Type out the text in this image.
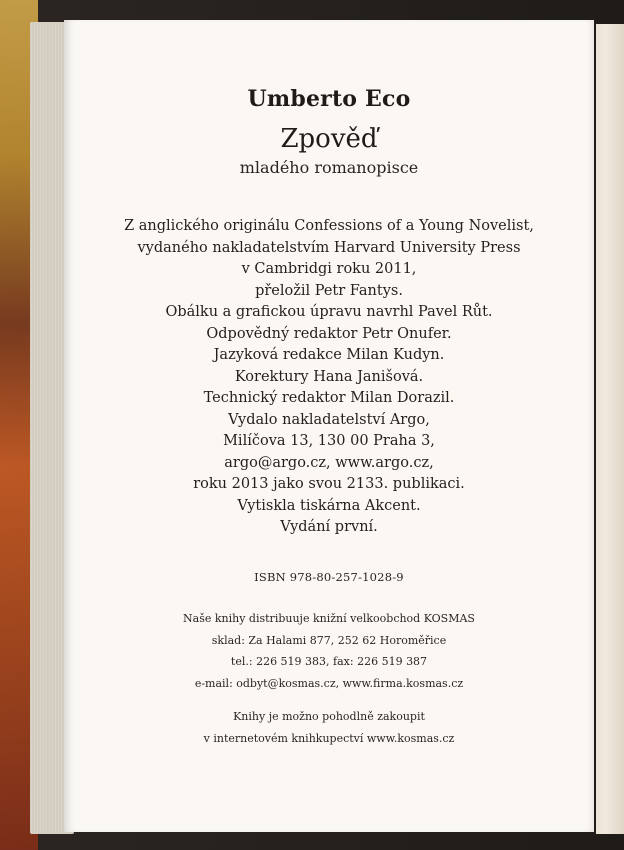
Umberto Eco
Zpověď
mladého romanopisce
Z anglického originálu Confessions of a Young Novelist,
vydaného nakladatelstvím Harvard University Press
v Cambridgi roku 2011,
přeložil Petr Fantys.
Obálku a grafickou úpravu navrhl Pavel Růt.
Odpovědný redaktor Petr Onufer.
Jazyková redakce Milan Kudyn.
Korektury Hana Janišová.
Technický redaktor Milan Dorazil.
Vydalo nakladatelství Argo,
Milíčova 13, 130 00 Praha 3,
argo@argo.cz, www.argo.cz,
roku 2013 jako svou 2133. publikaci.
Vytiskla tiskárna Akcent.
Vydání první.
ISBN 978-80-257-1028-9
Naše knihy distribuuje knižní velkoobchod KOSMAS
sklad: Za Halami 877, 252 62 Horoměřice
tel.: 226 519 383, fax: 226 519 387
e-mail: odbyt@kosmas.cz, www.firma.kosmas.cz
Knihy je možno pohodlně zakoupit
v internetovém knihkupectví www.kosmas.cz
